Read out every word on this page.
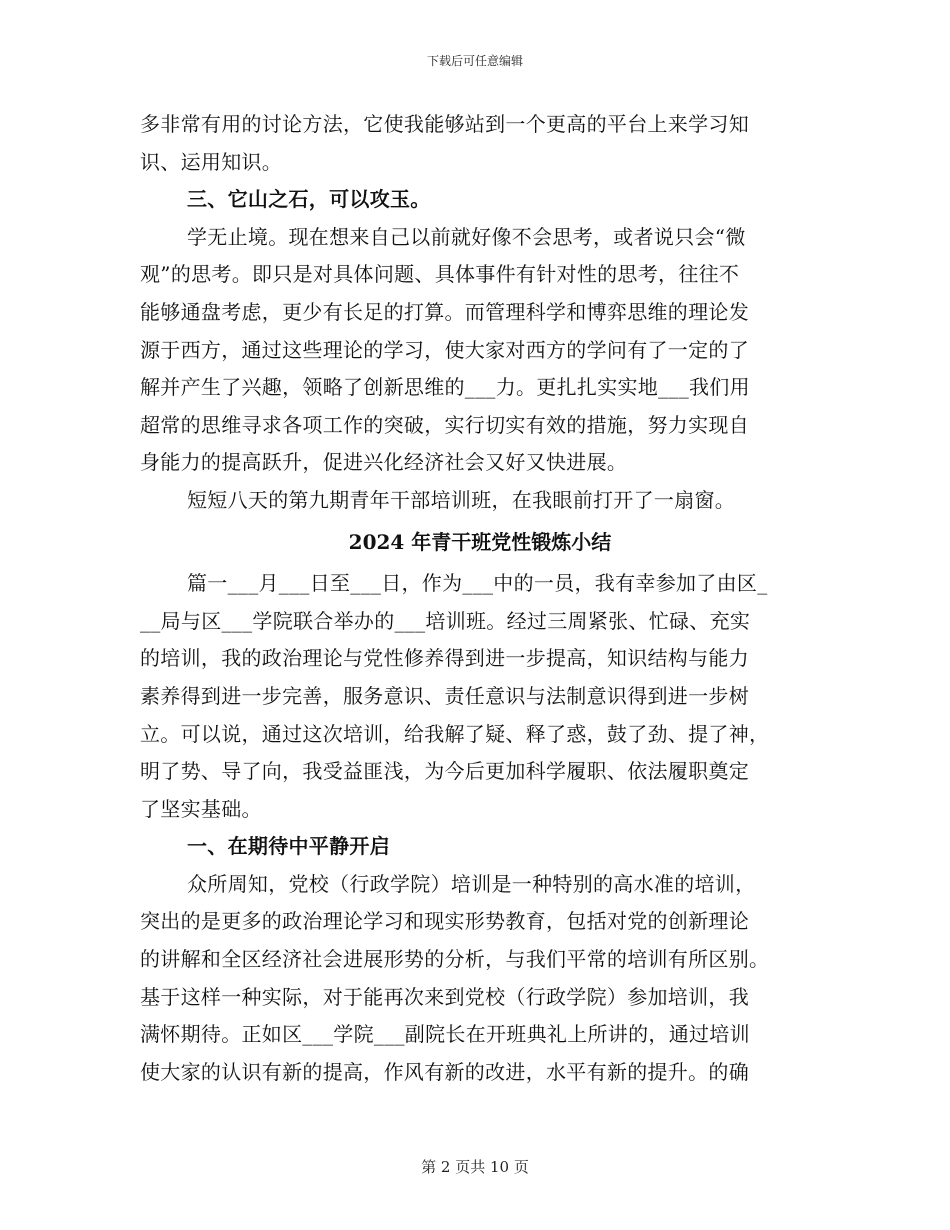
下载后可任意编辑

多非常有用的讨论方法，它使我能够站到一个更高的平台上来学习知

识、运用知识。

三、它山之石，可以攻玉。

学无止境。现在想来自己以前就好像不会思考，或者说只会“微

观”的思考。即只是对具体问题、具体事件有针对性的思考，往往不

能够通盘考虑，更少有长足的打算。而管理科学和博弈思维的理论发

源于西方，通过这些理论的学习，使大家对西方的学问有了一定的了

解并产生了兴趣，领略了创新思维的___力。更扎扎实实地___我们用

超常的思维寻求各项工作的突破，实行切实有效的措施，努力实现自

身能力的提高跃升，促进兴化经济社会又好又快进展。

短短八天的第九期青年干部培训班，在我眼前打开了一扇窗。

2024 年青干班党性锻炼小结

篇一___月___日至___日，作为___中的一员，我有幸参加了由区_

__局与区___学院联合举办的___培训班。经过三周紧张、忙碌、充实

的培训，我的政治理论与党性修养得到进一步提高，知识结构与能力

素养得到进一步完善，服务意识、责任意识与法制意识得到进一步树

立。可以说，通过这次培训，给我解了疑、释了惑，鼓了劲、提了神，

明了势、导了向，我受益匪浅，为今后更加科学履职、依法履职奠定

了坚实基础。

一、在期待中平静开启

众所周知，党校（行政学院）培训是一种特别的高水准的培训，

突出的是更多的政治理论学习和现实形势教育，包括对党的创新理论

的讲解和全区经济社会进展形势的分析，与我们平常的培训有所区别。

基于这样一种实际，对于能再次来到党校（行政学院）参加培训，我

满怀期待。正如区___学院___副院长在开班典礼上所讲的，通过培训

使大家的认识有新的提高，作风有新的改进，水平有新的提升。的确

第 2 页共 10 页
